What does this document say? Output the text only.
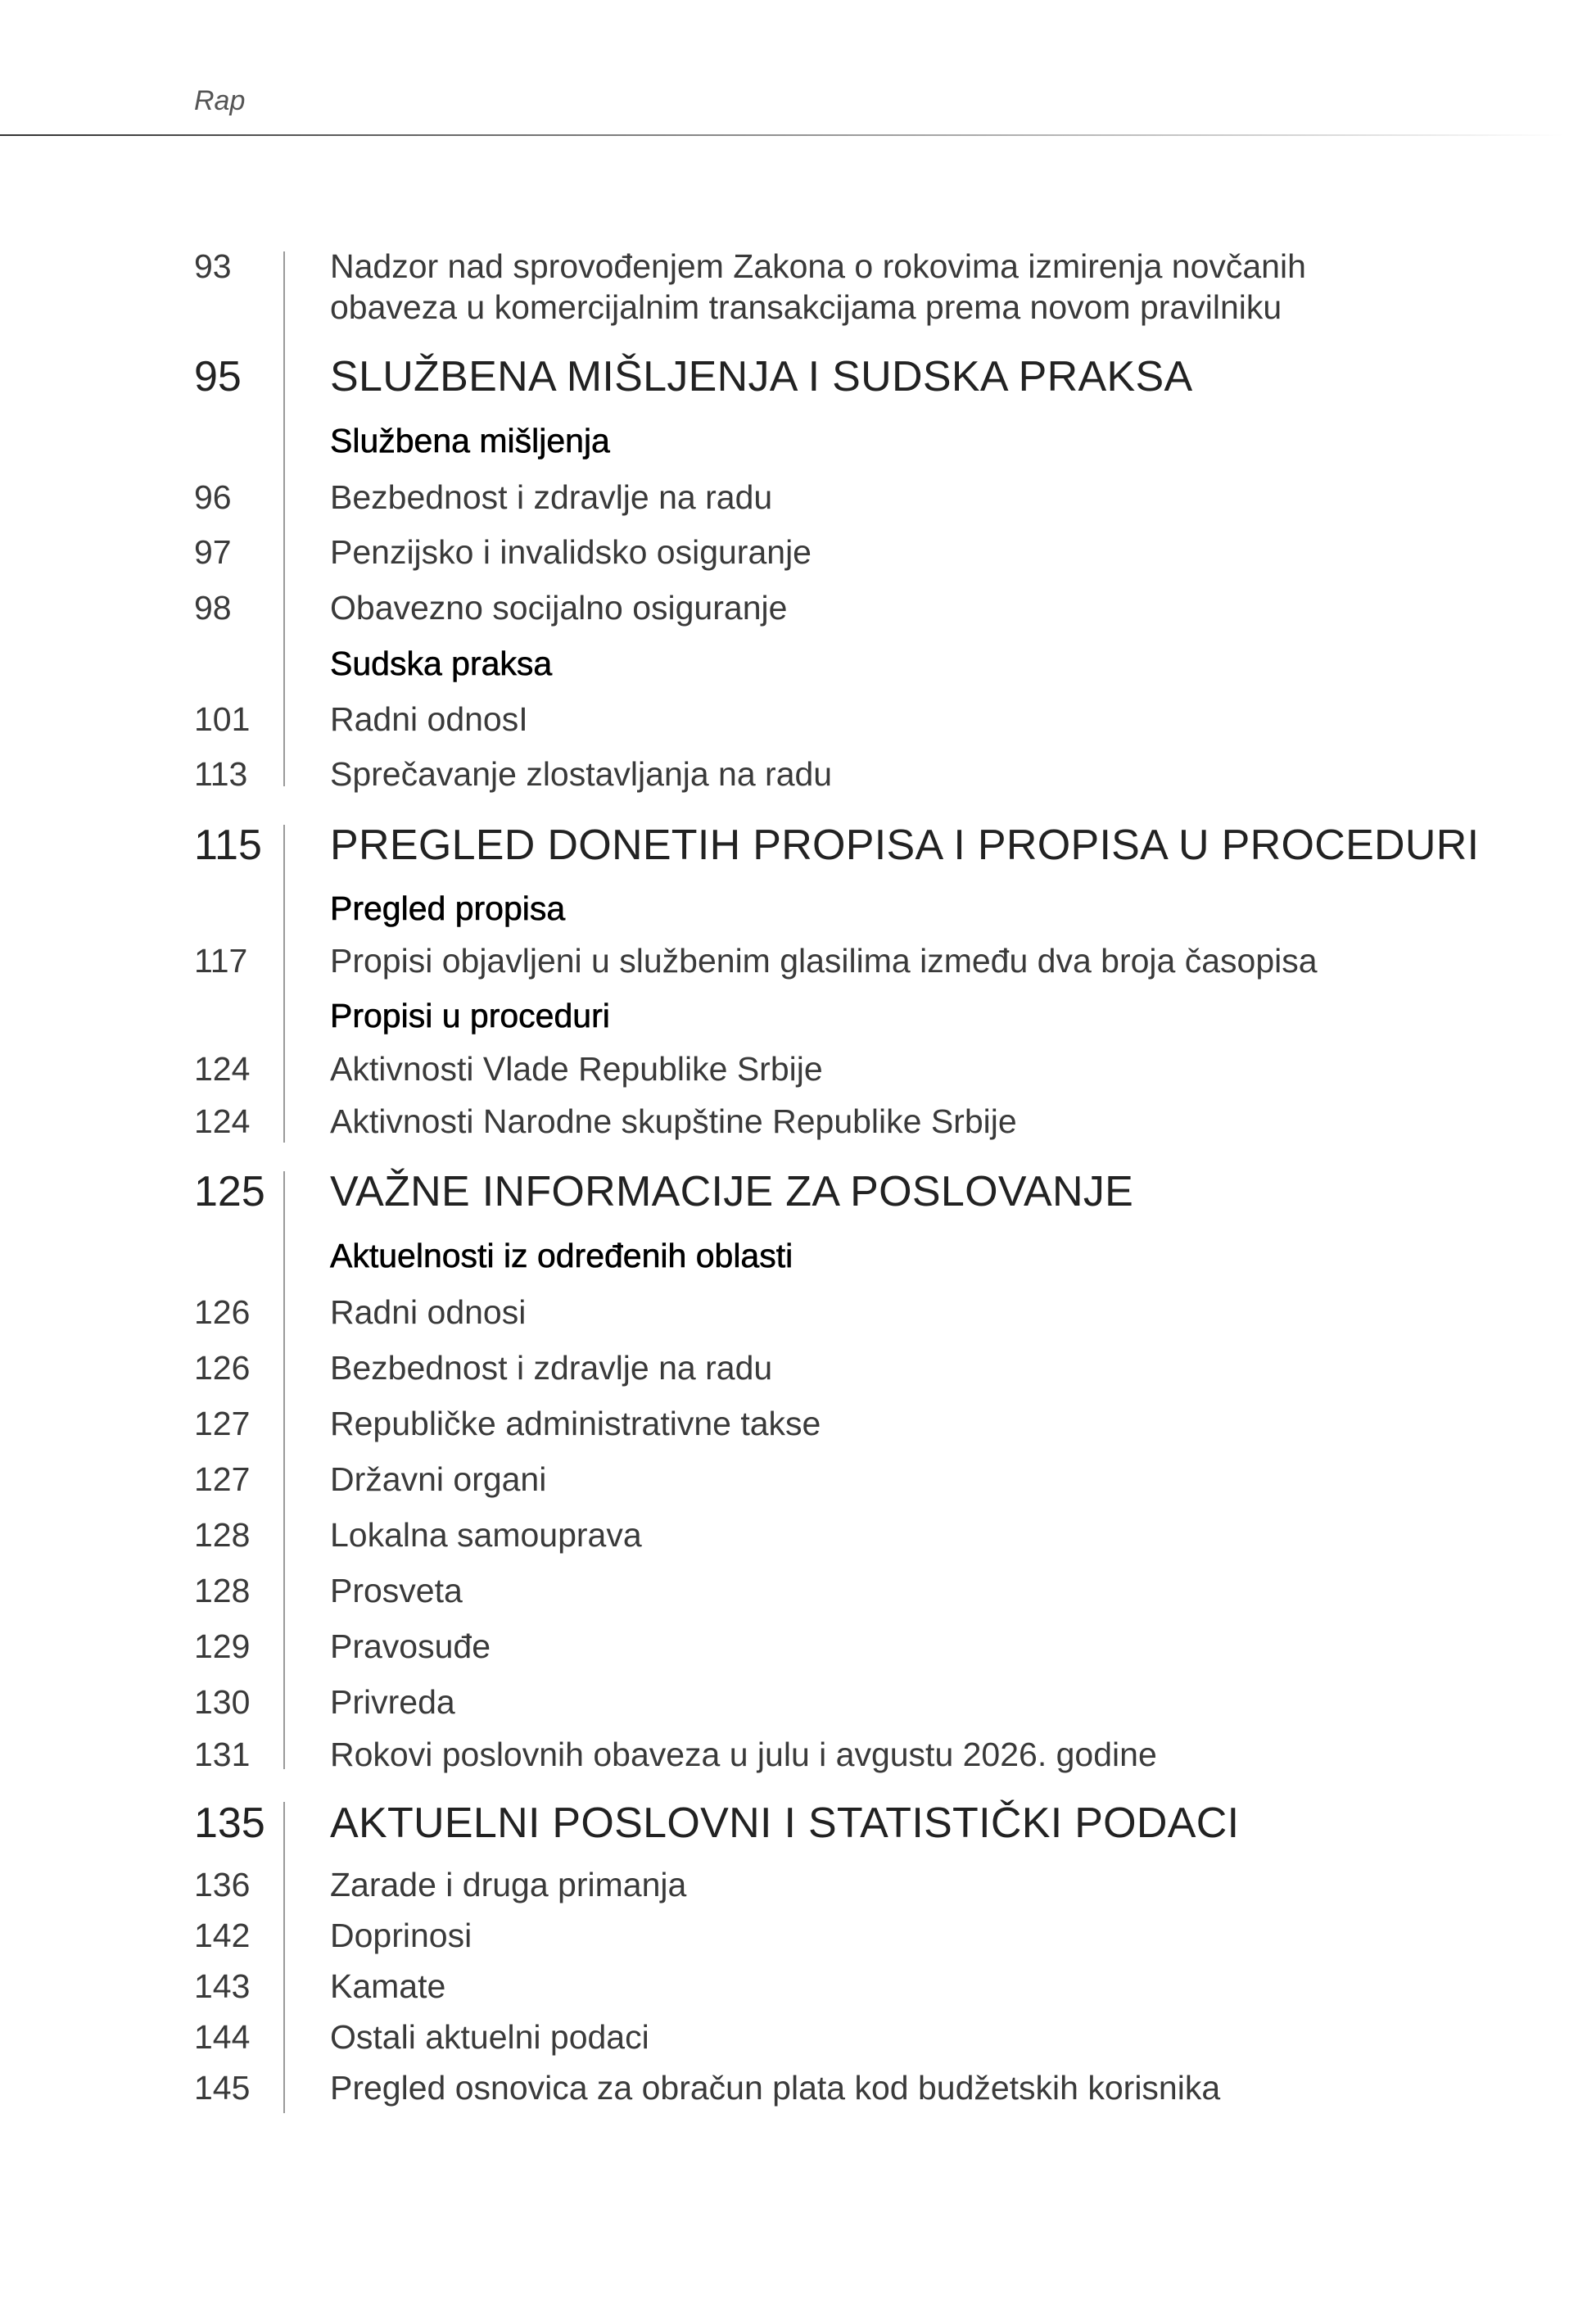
Rap
93	Nadzor nad sprovođenjem Zakona o rokovima izmirenja novčanih
obaveza u komercijalnim transakcijama prema novom pravilniku
95 SLUŽBENA MIŠLJENJA I SUDSKA PRAKSA
Službena mišljenja
96	Bezbednost i zdravlje na radu
97	Penzijsko i invalidsko osiguranje
98	Obavezno socijalno osiguranje
Sudska praksa
101 Radni odnosI
113 Sprečavanje zlostavljanja na radu
115 PREGLED DONETIH PROPISA I PROPISA U PROCEDURI
Pregled propisa
117 Propisi objavljeni u službenim glasilima između dva broja časopisa
Propisi u proceduri
124 Aktivnosti Vlade Republike Srbije
124 Aktivnosti Narodne skupštine Republike Srbije
125 VAŽNE INFORMACIJE ZA POSLOVANJE
Aktuelnosti iz određenih oblasti
126 Radni odnosi
126 Bezbednost i zdravlje na radu
127 Republičke administrativne takse
127 Državni organi
128 Lokalna samouprava
128 Prosveta
129 Pravosuđe
130 Privreda
131 Rokovi poslovnih obaveza u julu i avgustu 2026. godine
135 AKTUELNI POSLOVNI I STATISTIČKI PODACI
136 Zarade i druga primanja
142 Doprinosi
143 Kamate
144 Ostali aktuelni podaci
145 Pregled osnovica za obračun plata kod budžetskih korisnika
